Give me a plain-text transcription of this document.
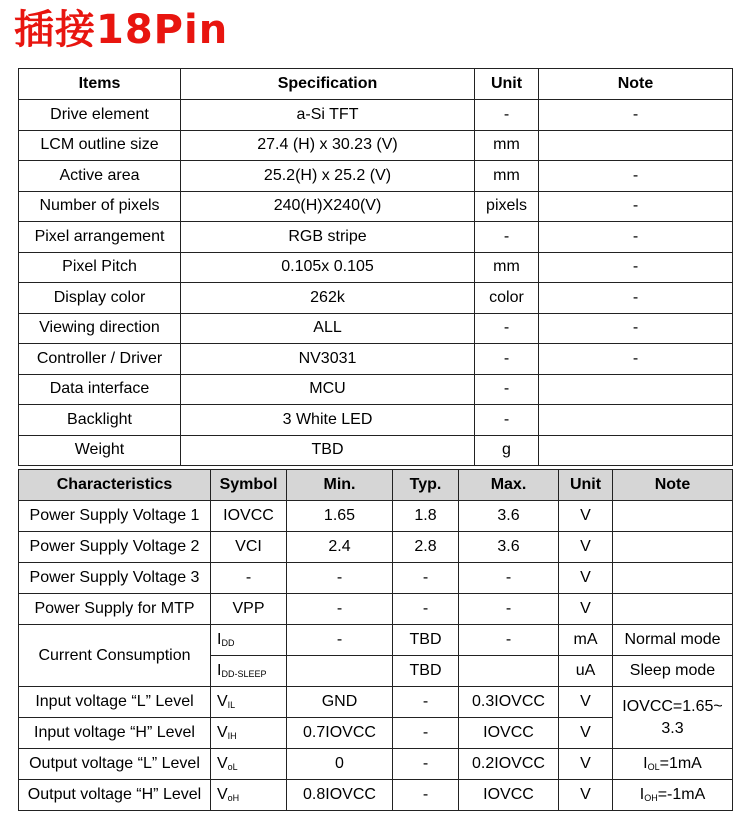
插接18Pin
Items	Specification	Unit	Note
Drive element	a-Si TFT	-	-
LCM outline size	27.4 (H) x 30.23 (V)	mm	
Active area	25.2(H) x 25.2 (V)	mm	-
Number of pixels	240(H)X240(V)	pixels	-
Pixel arrangement	RGB stripe	-	-
Pixel Pitch	0.105x 0.105	mm	-
Display color	262k	color	-
Viewing direction	ALL	-	-
Controller / Driver	NV3031	-	-
Data interface	MCU	-	
Backlight	3 White LED	-	
Weight	TBD	g	
Characteristics	Symbol	Min.	Typ.	Max.	Unit	Note
Power Supply Voltage 1	IOVCC	1.65	1.8	3.6	V	
Power Supply Voltage 2	VCI	2.4	2.8	3.6	V	
Power Supply Voltage 3	-	-	-	-	V	
Power Supply for MTP	VPP	-	-	-	V	
Current Consumption	$I_{DD}$	-	TBD	-	mA	Normal mode
	$I_{DD-SLEEP}$		TBD		uA	Sleep mode
Input voltage “L” Level	$V_{IL}$	GND	-	0.3IOVCC	V	IOVCC=1.65~
3.3
Input voltage “H” Level	$V_{IH}$	0.7IOVCC	-	IOVCC	V	
Output voltage “L” Level	$V_{oL}$	0	-	0.2IOVCC	V	$I_{OL}=1mA$
Output voltage “H” Level	$V_{oH}$	0.8IOVCC	-	IOVCC	V	$I_{OH}=-1mA$
